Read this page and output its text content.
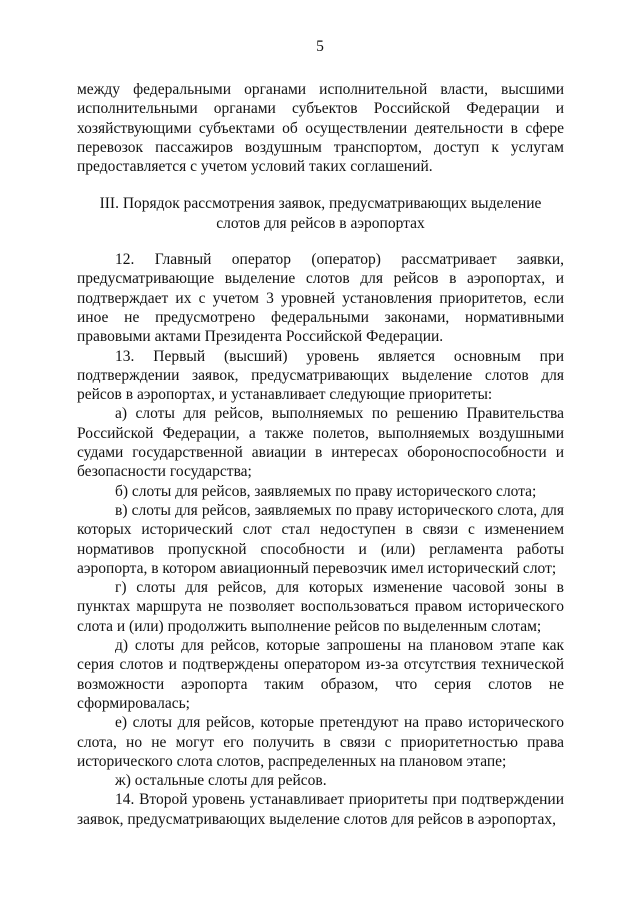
5

между федеральными органами исполнительной власти, высшими исполнительными органами субъектов Российской Федерации и хозяйствующими субъектами об осуществлении деятельности в сфере перевозок пассажиров воздушным транспортом, доступ к услугам предоставляется с учетом условий таких соглашений.

III. Порядок рассмотрения заявок, предусматривающих выделение слотов для рейсов в аэропортах

12. Главный оператор (оператор) рассматривает заявки, предусматривающие выделение слотов для рейсов в аэропортах, и подтверждает их с учетом 3 уровней установления приоритетов, если иное не предусмотрено федеральными законами, нормативными правовыми актами Президента Российской Федерации.

13. Первый (высший) уровень является основным при подтверждении заявок, предусматривающих выделение слотов для рейсов в аэропортах, и устанавливает следующие приоритеты:

а) слоты для рейсов, выполняемых по решению Правительства Российской Федерации, а также полетов, выполняемых воздушными судами государственной авиации в интересах обороноспособности и безопасности государства;

б) слоты для рейсов, заявляемых по праву исторического слота;

в) слоты для рейсов, заявляемых по праву исторического слота, для которых исторический слот стал недоступен в связи с изменением нормативов пропускной способности и (или) регламента работы аэропорта, в котором авиационный перевозчик имел исторический слот;

г) слоты для рейсов, для которых изменение часовой зоны в пунктах маршрута не позволяет воспользоваться правом исторического слота и (или) продолжить выполнение рейсов по выделенным слотам;

д) слоты для рейсов, которые запрошены на плановом этапе как серия слотов и подтверждены оператором из-за отсутствия технической возможности аэропорта таким образом, что серия слотов не сформировалась;

е) слоты для рейсов, которые претендуют на право исторического слота, но не могут его получить в связи с приоритетностью права исторического слота слотов, распределенных на плановом этапе;

ж) остальные слоты для рейсов.

14. Второй уровень устанавливает приоритеты при подтверждении заявок, предусматривающих выделение слотов для рейсов в аэропортах,
